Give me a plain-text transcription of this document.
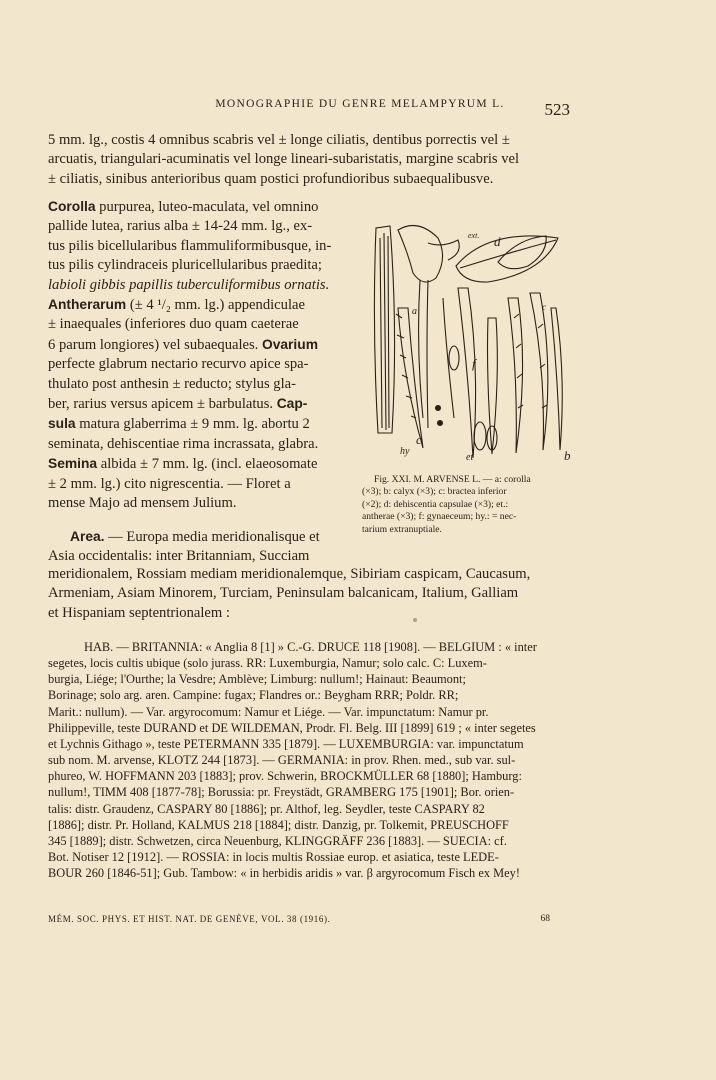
MONOGRAPHIE DU GENRE MELAMPYRUM L.	523
5 mm. lg., costis 4 omnibus scabris vel ± longe ciliatis, dentibus porrectis vel ±
arcuatis, triangulari-acuminatis vel longe lineari-subaristatis, margine scabris vel
± ciliatis, sinibus anterioribus quam postici profundioribus subaequalibusve.
Corolla purpurea, luteo-maculata, vel omnino
pallide lutea, rarius alba ± 14-24 mm. lg., ex-
tus pilis bicellularibus flammuliformibusque, in-
tus pilis cylindraceis pluricellularibus praedita;
labioli gibbis papillis tuberculiformibus ornatis.
Antherarum (± 4 ¹/₂ mm. lg.) appendiculae
± inaequales (inferiores duo quam caeterae
6 parum longiores) vel subaequales. Ovarium
perfecte glabrum nectario recurvo apice spa-
thulato post anthesin ± reducto; stylus gla-
ber, rarius versus apicem ± barbulatus. Cap-
sula matura glaberrima ± 9 mm. lg. abortu 2
seminata, dehiscentiae rima incrassata, glabra.
Semina albida ± 7 mm. lg. (incl. elaeosomate
± 2 mm. lg.) cito nigrescentia. — Floret a
mense Majo ad mensem Julium.
Area. — Europa media meridionalisque et
Asia occidentalis: inter Britanniam, Succiam
meridionalem, Rossiam mediam meridionalemque, Sibiriam caspicam, Caucasum,
Armeniam, Asiam Minorem, Turciam, Peninsulam balcanicam, Italium, Galliam
et Hispaniam septentrionalem :
d
ext.
a
f
hy
c
et	b
c
Fig. XXI. M. ARVENSE L. — a: corolla
(×3); b: calyx (×3); c: bractea inferior
(×2); d: dehiscentia capsulae (×3); et.:
antherae (×3); f: gynaeceum; hy.: = nec-
tarium extranuptiale.
HAB. — BRITANNIA: « Anglia 8 [1] » C.-G. DRUCE 118 [1908]. — BELGIUM : « inter
segetes, locis cultis ubique (solo jurass. RR: Luxemburgia, Namur; solo calc. C: Luxem-
burgia, Liége; l'Ourthe; la Vesdre; Amblève; Limburg: nullum!; Hainaut: Beaumont;
Borinage; solo arg. aren. Campine: fugax; Flandres or.: Beygham RRR; Poldr. RR;
Marit.: nullum). — Var. argyrocomum: Namur et Liége. — Var. impunctatum: Namur pr.
Philippeville, teste DURAND et DE WILDEMAN, Prodr. Fl. Belg. III [1899] 619 ; « inter segetes
et Lychnis Githago », teste PETERMANN 335 [1879]. — LUXEMBURGIA: var. impunctatum
sub nom. M. arvense, KLOTZ 244 [1873]. — GERMANIA: in prov. Rhen. med., sub var. sul-
phureo, W. HOFFMANN 203 [1883]; prov. Schwerin, BROCKMÜLLER 68 [1880]; Hamburg:
nullum!, TIMM 408 [1877-78]; Borussia: pr. Freystädt, GRAMBERG 175 [1901]; Bor. orien-
talis: distr. Graudenz, CASPARY 80 [1886]; pr. Althof, leg. Seydler, teste CASPARY 82
[1886]; distr. Pr. Holland, KALMUS 218 [1884]; distr. Danzig, pr. Tolkemit, PREUSCHOFF
345 [1889]; distr. Schwetzen, circa Neuenburg, KLINGGRÄFF 236 [1883]. — SUECIA: cf.
Bot. Notiser 12 [1912]. — ROSSIA: in locis multis Rossiae europ. et asiatica, teste LEDE-
BOUR 260 [1846-51]; Gub. Tambow: « in herbidis aridis » var. β argyrocomum Fisch ex Mey!
MÉM. SOC. PHYS. ET HIST. NAT. DE GENÈVE, VOL. 38 (1916).	68
